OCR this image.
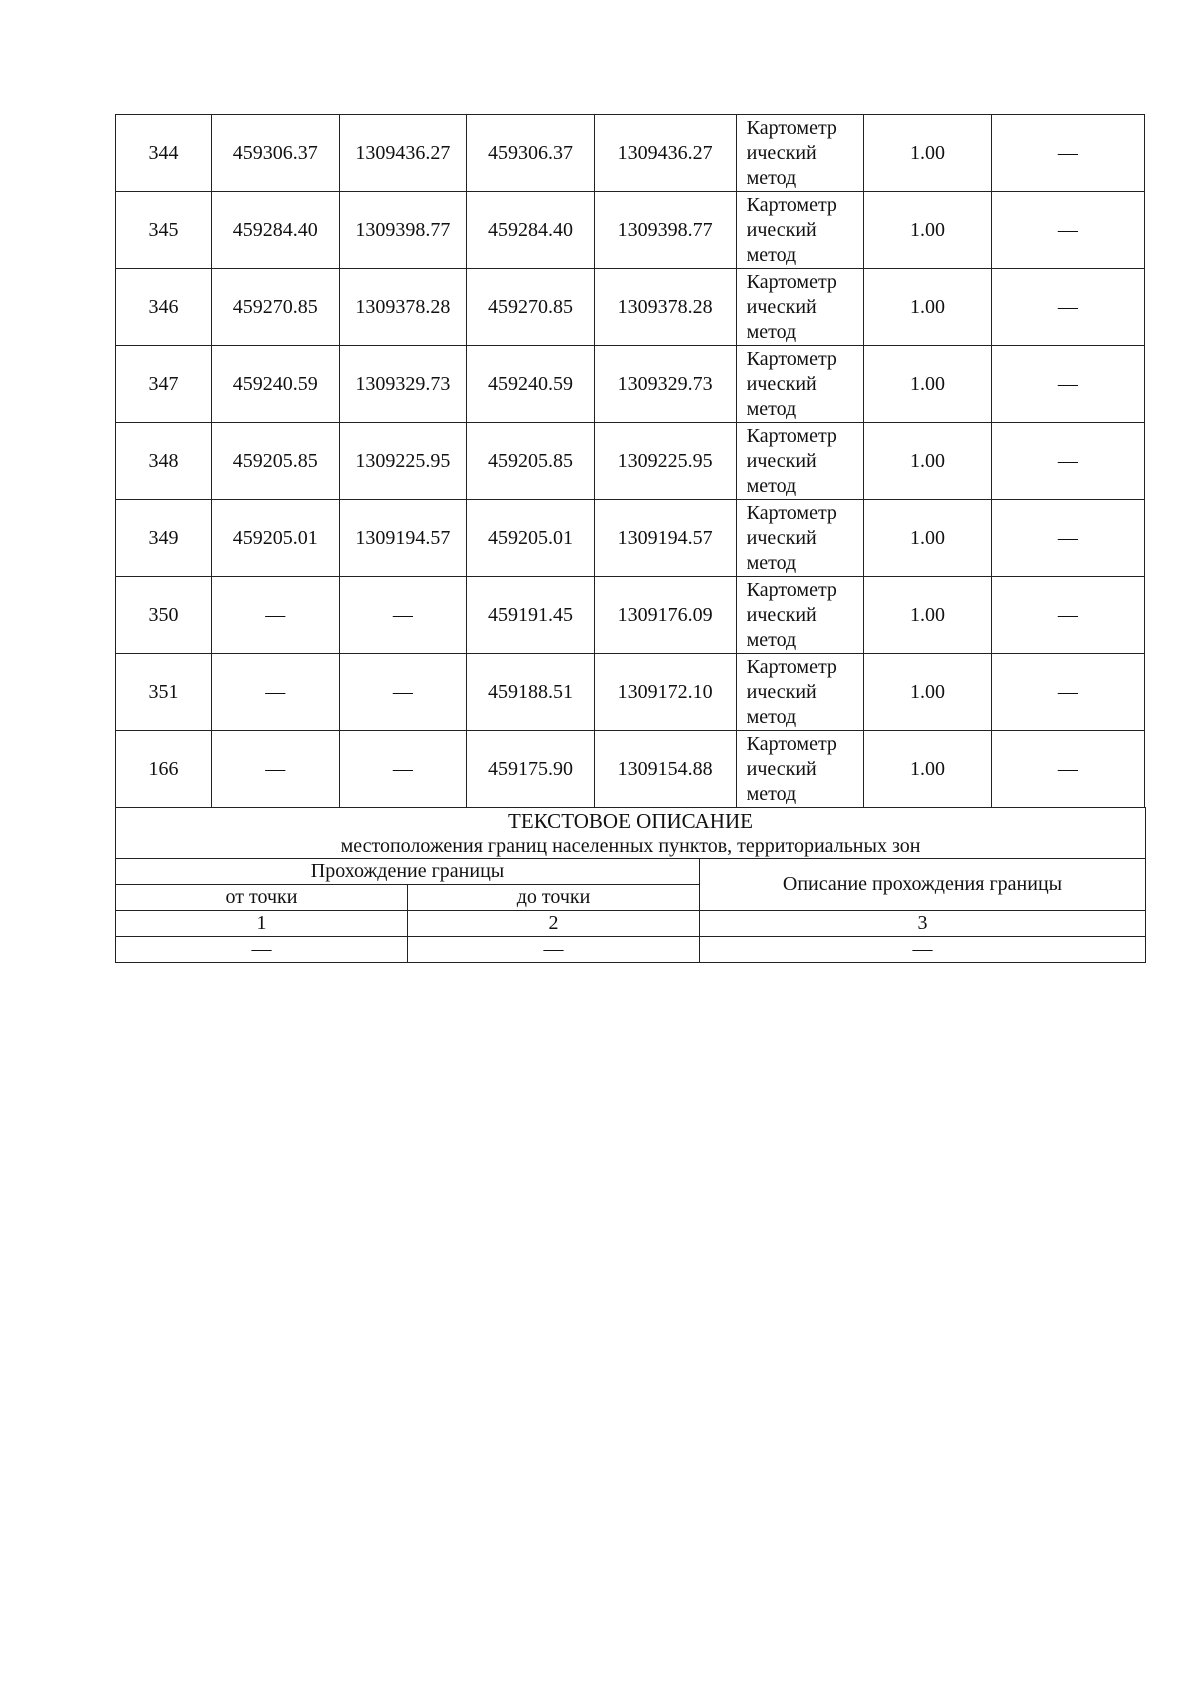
344	459306.37	1309436.27	459306.37	1309436.27	Картометр
ический
метод	1.00	—
345	459284.40	1309398.77	459284.40	1309398.77	Картометр
ический
метод	1.00	—
346	459270.85	1309378.28	459270.85	1309378.28	Картометр
ический
метод	1.00	—
347	459240.59	1309329.73	459240.59	1309329.73	Картометр
ический
метод	1.00	—
348	459205.85	1309225.95	459205.85	1309225.95	Картометр
ический
метод	1.00	—
349	459205.01	1309194.57	459205.01	1309194.57	Картометр
ический
метод	1.00	—
350	—	—	459191.45	1309176.09	Картометр
ический
метод	1.00	—
351	—	—	459188.51	1309172.10	Картометр
ический
метод	1.00	—
166	—	—	459175.90	1309154.88	Картометр
ический
метод	1.00	—
ТЕКСТОВОЕ ОПИСАНИЕ
местоположения границ населенных пунктов, территориальных зон		

Прохождение границы		Описание прохождения границы
от точки	до точки	
1	2	3
—	—	—
